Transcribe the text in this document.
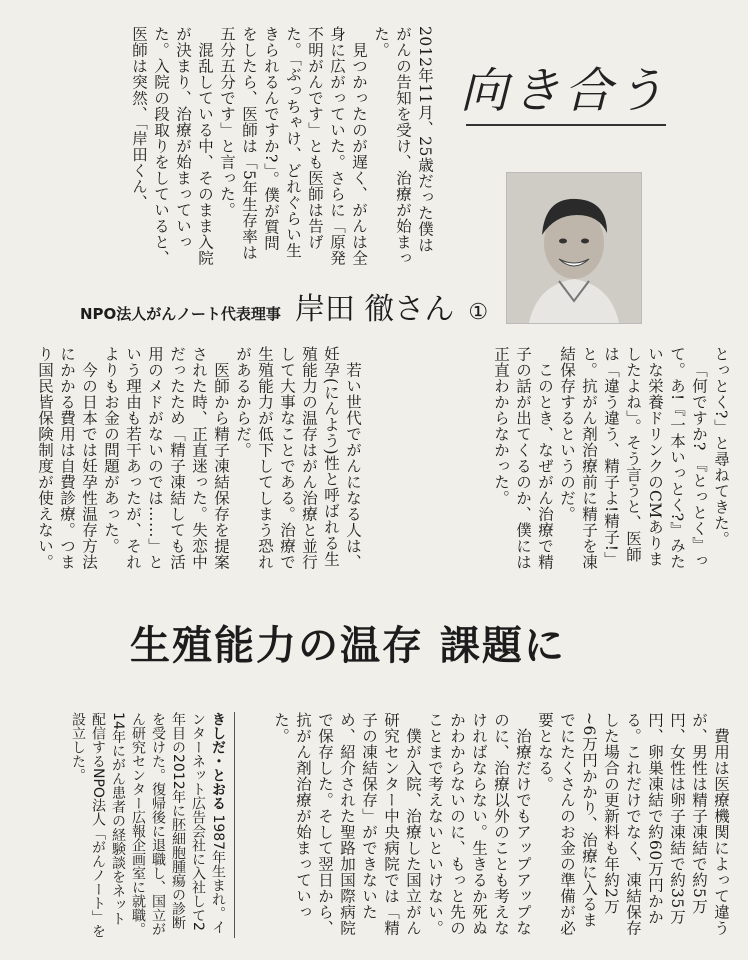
向き合う
NPO法人がんノート代表理事 岸田 徹さん ①

2012年11月、25歳だった僕はがんの告知を受け、治療が始まった。

見つかったのが遅く、がんは全身に広がっていた。さらに「原発不明がんです」とも医師は告げた。「ぶっちゃけ、どれぐらい生きられるんですか?」。僕が質問をしたら、医師は「5年生存率は五分五分です」と言った。

混乱している中、そのまま入院が決まり、治療が始まっていった。入院の段取りをしていると、医師は突然、「岸田くん、

とっとく?」と尋ねてきた。

「何ですか? 『とっとく』って。あ!『一本いっとく?』みたいな栄養ドリンクのCMありましたよね」。そう言うと、医師は「違う違う、精子よ!精子!」と。抗がん剤治療前に精子を凍結保存するというのだ。

このとき、なぜがん治療で精子の話が出てくるのか、僕には正直わからなかった。

若い世代でがんになる人は、妊孕(にんよう)性と呼ばれる生殖能力の温存はがん治療と並行して大事なことである。治療で生殖能力が低下してしまう恐れがあるからだ。

医師から精子凍結保存を提案された時、正直迷った。失恋中だったため「精子凍結しても活用のメドがないのでは……」という理由も若干あったが、それよりもお金の問題があった。

今の日本では妊孕性温存方法にかかる費用は自費診療。つまり国民皆保険制度が使えない。

生殖能力の温存 課題に

費用は医療機関によって違うが、男性は精子凍結で約5万円、女性は卵子凍結で約35万円、卵巣凍結で約60万円かかる。これだけでなく、凍結保存した場合の更新料も年約2万~6万円かかり、治療に入るまでにたくさんのお金の準備が必要となる。

治療だけでもアップアップなのに、治療以外のことも考えなければならない。生きるか死ぬかわからないのに、もっと先のことまで考えないといけない。

僕が入院、治療した国立がん研究センター中央病院では「精子の凍結保存」ができないため、紹介された聖路加国際病院で保存した。そして翌日から、抗がん剤治療が始まっていった。

きしだ・とおる 1987年生まれ。インターネット広告会社に入社して2年目の2012年に胚細胞腫瘍の診断を受けた。復帰後に退職し、国立がん研究センター広報企画室に就職。14年にがん患者の経験談をネット配信するNPO法人「がんノート」を設立した。
